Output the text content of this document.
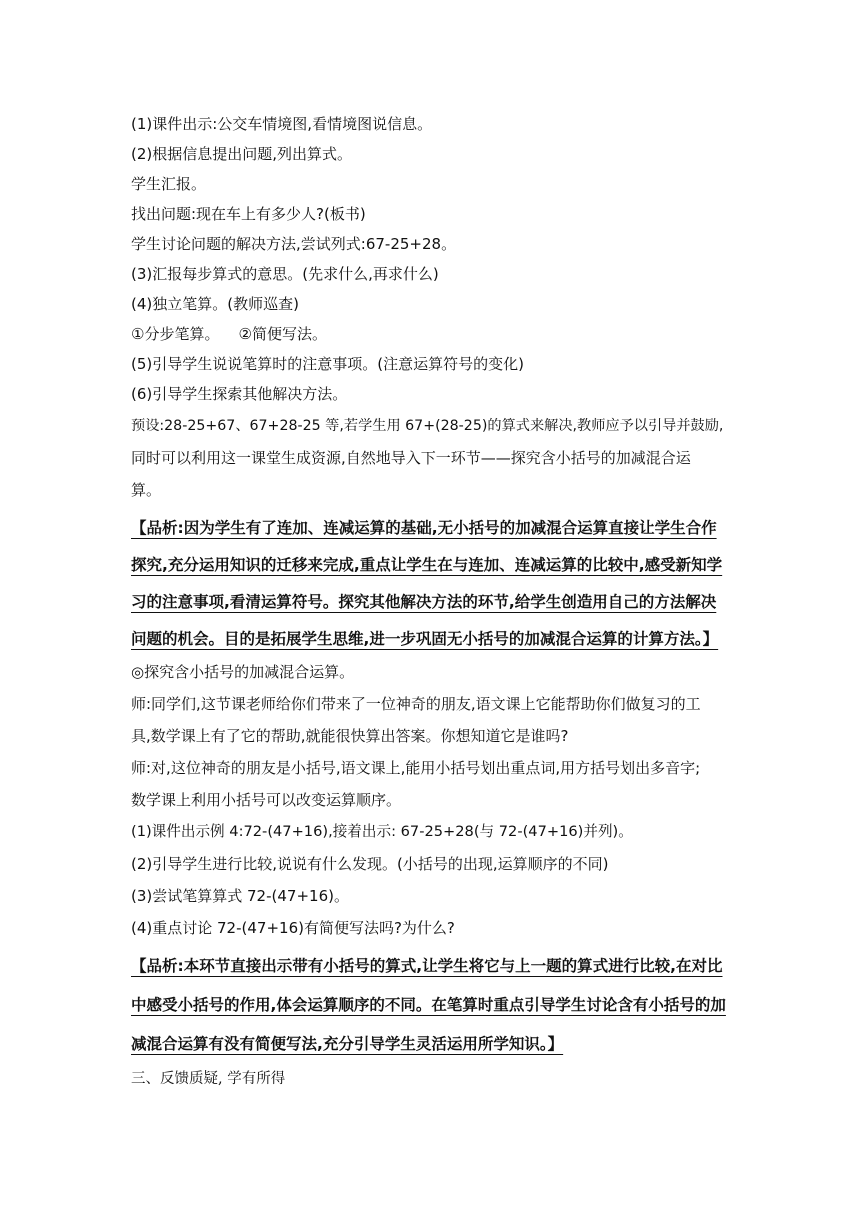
(1)课件出示:公交车情境图,看情境图说信息。
(2)根据信息提出问题,列出算式。
学生汇报。
找出问题:现在车上有多少人?(板书)
学生讨论问题的解决方法,尝试列式:67-25+28。
(3)汇报每步算式的意思。(先求什么,再求什么)
(4)独立笔算。(教师巡查)
①分步笔算。    ②简便写法。
(5)引导学生说说笔算时的注意事项。(注意运算符号的变化)
(6)引导学生探索其他解决方法。
预设:28-25+67、67+28-25 等,若学生用 67+(28-25)的算式来解决,教师应予以引导并鼓励,
同时可以利用这一课堂生成资源,自然地导入下一环节——探究含小括号的加减混合运
算。
【品析:因为学生有了连加、连减运算的基础,无小括号的加减混合运算直接让学生合作
探究,充分运用知识的迁移来完成,重点让学生在与连加、连减运算的比较中,感受新知学
习的注意事项,看清运算符号。探究其他解决方法的环节,给学生创造用自己的方法解决
问题的机会。目的是拓展学生思维,进一步巩固无小括号的加减混合运算的计算方法。】
◎探究含小括号的加减混合运算。
师:同学们,这节课老师给你们带来了一位神奇的朋友,语文课上它能帮助你们做复习的工
具,数学课上有了它的帮助,就能很快算出答案。你想知道它是谁吗?
师:对,这位神奇的朋友是小括号,语文课上,能用小括号划出重点词,用方括号划出多音字;
数学课上利用小括号可以改变运算顺序。
(1)课件出示例 4:72-(47+16),接着出示: 67-25+28(与 72-(47+16)并列)。
(2)引导学生进行比较,说说有什么发现。(小括号的出现,运算顺序的不同)
(3)尝试笔算算式 72-(47+16)。
(4)重点讨论 72-(47+16)有简便写法吗?为什么?
【品析:本环节直接出示带有小括号的算式,让学生将它与上一题的算式进行比较,在对比
中感受小括号的作用,体会运算顺序的不同。在笔算时重点引导学生讨论含有小括号的加
减混合运算有没有简便写法,充分引导学生灵活运用所学知识。】
三、反馈质疑, 学有所得
